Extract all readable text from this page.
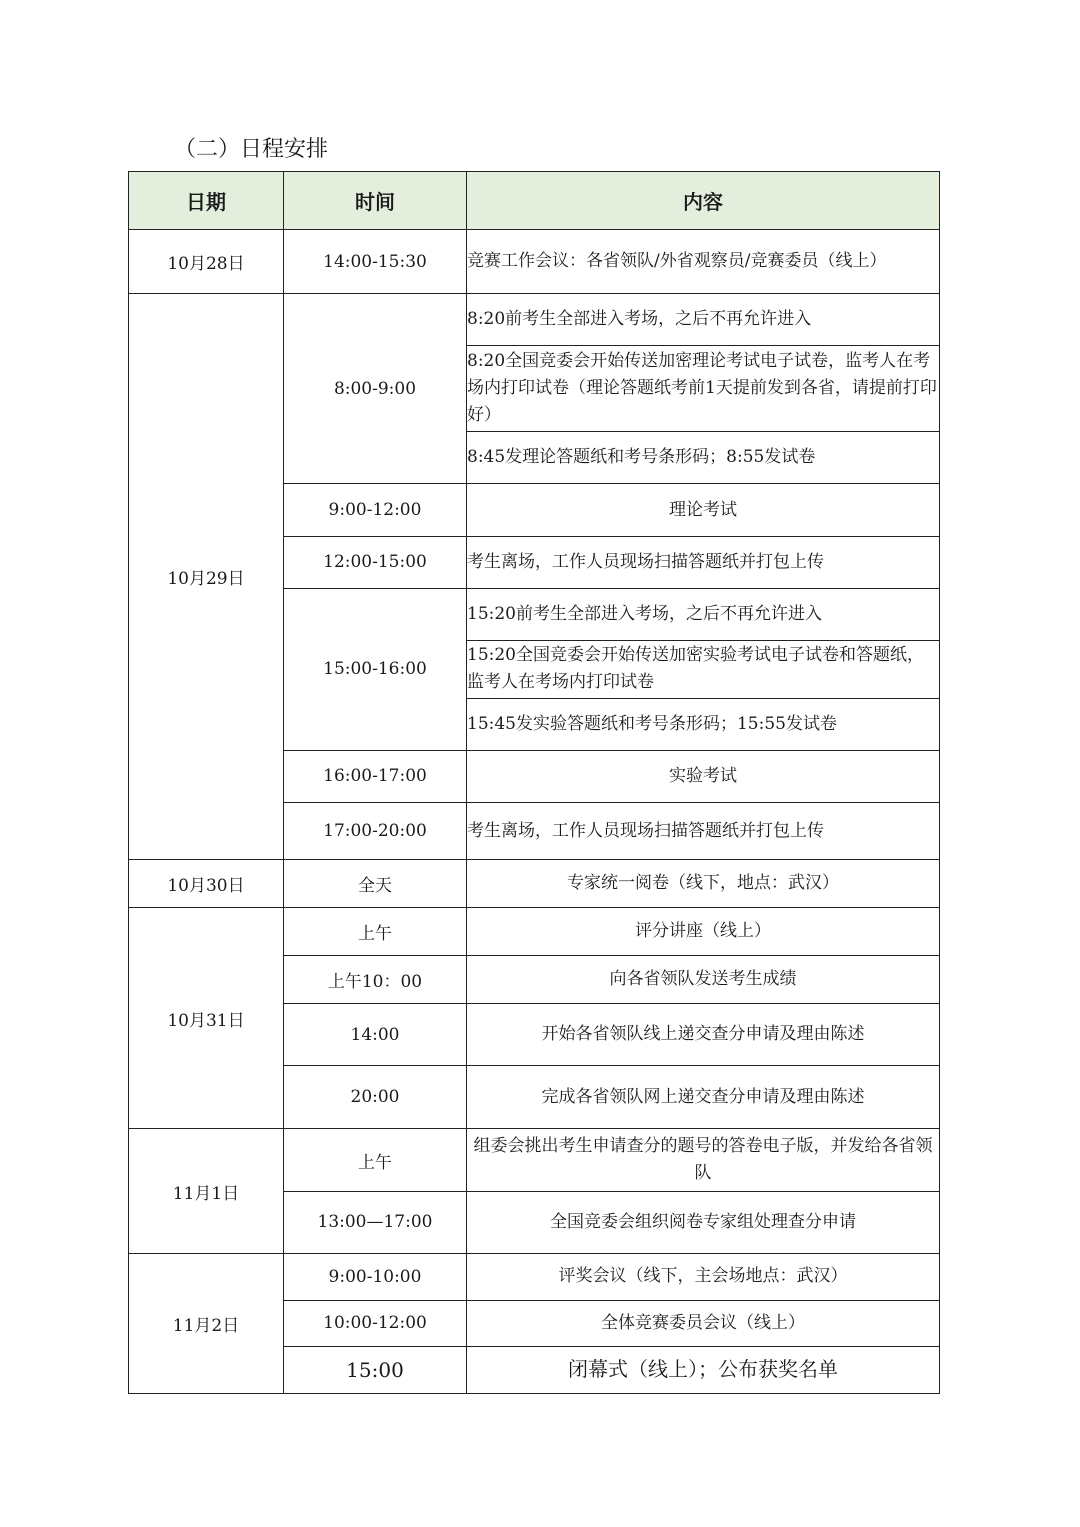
（二）日程安排
日期	时间	内容
10月28日	14:00-15:30	竞赛工作会议：各省领队/外省观察员/竞赛委员（线上）
10月29日	8:00-9:00	8:20前考生全部进入考场，之后不再允许进入
		8:20全国竞委会开始传送加密理论考试电子试卷，监考人在考场内打印试卷（理论答题纸考前1天提前发到各省，请提前打印好）
		8:45发理论答题纸和考号条形码；8:55发试卷
	9:00-12:00	理论考试
	12:00-15:00	考生离场，工作人员现场扫描答题纸并打包上传
	15:00-16:00	15:20前考生全部进入考场，之后不再允许进入
		15:20全国竞委会开始传送加密实验考试电子试卷和答题纸，监考人在考场内打印试卷
		15:45发实验答题纸和考号条形码；15:55发试卷
	16:00-17:00	实验考试
	17:00-20:00	考生离场，工作人员现场扫描答题纸并打包上传
10月30日	全天	专家统一阅卷（线下，地点：武汉）
10月31日	上午	评分讲座（线上）
	上午10：00	向各省领队发送考生成绩
	14:00	开始各省领队线上递交查分申请及理由陈述
	20:00	完成各省领队网上递交查分申请及理由陈述
11月1日	上午	组委会挑出考生申请查分的题号的答卷电子版，并发给各省领队
	13:00—17:00	全国竞委会组织阅卷专家组处理查分申请
11月2日	9:00-10:00	评奖会议（线下，主会场地点：武汉）
	10:00-12:00	全体竞赛委员会议（线上）
	15:00	闭幕式（线上）；公布获奖名单
